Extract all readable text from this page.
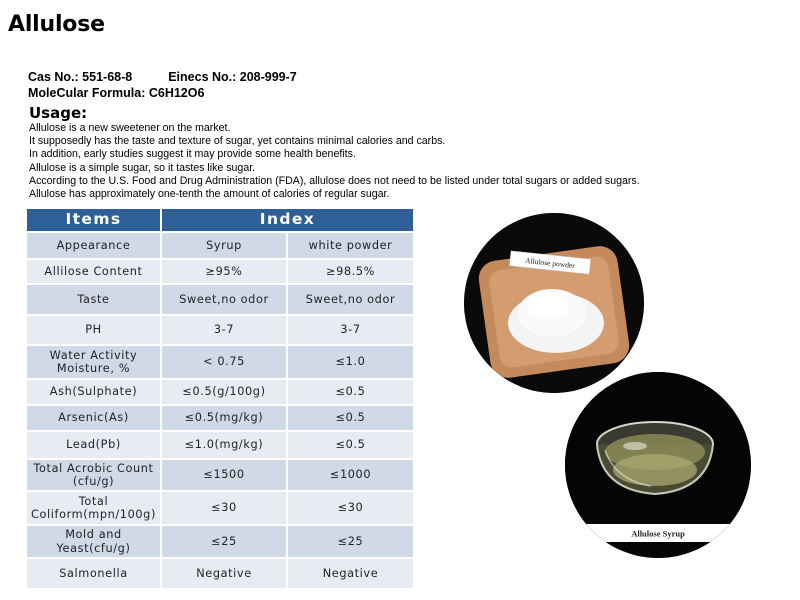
Allulose
Cas No.: 551-68-8	Einecs No.: 208-999-7
MoleCular Formula: C6H12O6
Usage:
Allulose is a new sweetener on the market.
It supposedly has the taste and texture of sugar, yet contains minimal calories and carbs.
In addition, early studies suggest it may provide some health benefits.
Allulose is a simple sugar, so it tastes like sugar.
According to the U.S. Food and Drug Administration (FDA), allulose does not need to be listed under total sugars or added sugars.
Allulose has approximately one-tenth the amount of calories of regular sugar.
Items	Index	
Appearance	Syrup	white powder
Allilose Content	≥95%	≥98.5%
Taste	Sweet,no odor	Sweet,no odor
PH	3-7	3-7
Water Activity Moisture, %	< 0.75	≤1.0
Ash(Sulphate)	≤0.5(g/100g)	≤0.5
Arsenic(As)	≤0.5(mg/kg)	≤0.5
Lead(Pb)	≤1.0(mg/kg)	≤0.5
Total Acrobic Count (cfu/g)	≤1500	≤1000
Total Coliform(mpn/100g)	≤30	≤30
Mold and Yeast(cfu/g)	≤25	≤25
Salmonella	Negative	Negative
Allulose powder
Allulose Syrup
